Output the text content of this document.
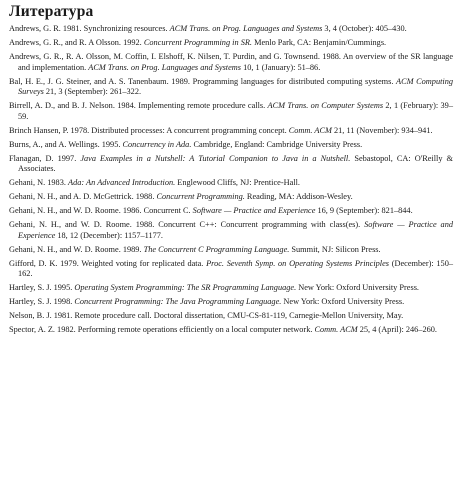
Литература
Andrews, G. R. 1981. Synchronizing resources. ACM Trans. on Prog. Languages and Systems 3, 4 (October): 405–430.
Andrews, G. R., and R. A Olsson. 1992. Concurrent Programming in SR. Menlo Park, CA: Benjamin/Cummings.
Andrews, G. R., R. A. Olsson, M. Coffin, I. Elshoff, K. Nilsen, T. Purdin, and G. Townsend. 1988. An overview of the SR language and implementation. ACM Trans. on Prog. Languages and Systems 10, 1 (January): 51–86.
Bal, H. E., J. G. Steiner, and A. S. Tanenbaum. 1989. Programming languages for distributed computing systems. ACM Computing Surveys 21, 3 (September): 261–322.
Birrell, A. D., and B. J. Nelson. 1984. Implementing remote procedure calls. ACM Trans. on Computer Systems 2, 1 (February): 39–59.
Brinch Hansen, P. 1978. Distributed processes: A concurrent programming concept. Comm. ACM 21, 11 (November): 934–941.
Burns, A., and A. Wellings. 1995. Concurrency in Ada. Cambridge, England: Cambridge University Press.
Flanagan, D. 1997. Java Examples in a Nutshell: A Tutorial Companion to Java in a Nutshell. Sebastopol, CA: O'Reilly & Associates.
Gehani, N. 1983. Ada: An Advanced Introduction. Englewood Cliffs, NJ: Prentice-Hall.
Gehani, N. H., and A. D. McGettrick. 1988. Concurrent Programming. Reading, MA: Addison-Wesley.
Gehani, N. H., and W. D. Roome. 1986. Concurrent C. Software — Practice and Experience 16, 9 (September): 821–844.
Gehani, N. H., and W. D. Roome. 1988. Concurrent C++: Concurrent programming with class(es). Software — Practice and Experience 18, 12 (December): 1157–1177.
Gehani, N. H., and W. D. Roome. 1989. The Concurrent C Programming Language. Summit, NJ: Silicon Press.
Gifford, D. K. 1979. Weighted voting for replicated data. Proc. Seventh Symp. on Operating Systems Principles (December): 150–162.
Hartley, S. J. 1995. Operating System Programming: The SR Programming Language. New York: Oxford University Press.
Hartley, S. J. 1998. Concurrent Programming: The Java Programming Language. New York: Oxford University Press.
Nelson, B. J. 1981. Remote procedure call. Doctoral dissertation, CMU-CS-81-119, Carnegie-Mellon University, May.
Spector, A. Z. 1982. Performing remote operations efficiently on a local computer network. Comm. ACM 25, 4 (April): 246–260.
